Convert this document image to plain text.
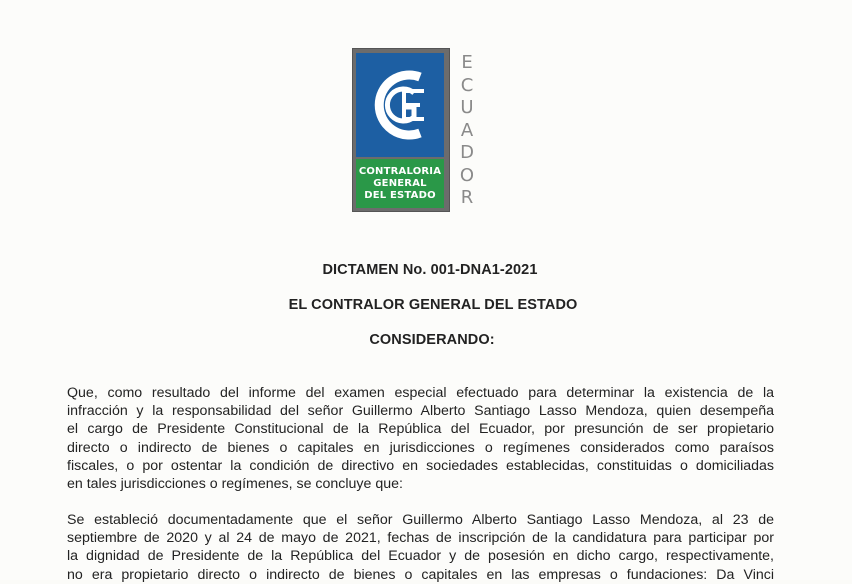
CONTRALORIA
GENERAL
DEL ESTADO
E
C
U
A
D
O
R
DICTAMEN No. 001-DNA1-2021
EL CONTRALOR GENERAL DEL ESTADO
CONSIDERANDO:
Que, como resultado del informe del examen especial efectuado para determinar la existencia de la
infracción y la responsabilidad del señor Guillermo Alberto Santiago Lasso Mendoza, quien desempeña
el cargo de Presidente Constitucional de la República del Ecuador, por presunción de ser propietario
directo o indirecto de bienes o capitales en jurisdicciones o regímenes considerados como paraísos
fiscales, o por ostentar la condición de directivo en sociedades establecidas, constituidas o domiciliadas
en tales jurisdicciones o regímenes, se concluye que:
Se estableció documentadamente que el señor Guillermo Alberto Santiago Lasso Mendoza, al 23 de
septiembre de 2020 y al 24 de mayo de 2021, fechas de inscripción de la candidatura para participar por
la dignidad de Presidente de la República del Ecuador y de posesión en dicho cargo, respectivamente,
no era propietario directo o indirecto de bienes o capitales en las empresas o fundaciones: Da Vinci
